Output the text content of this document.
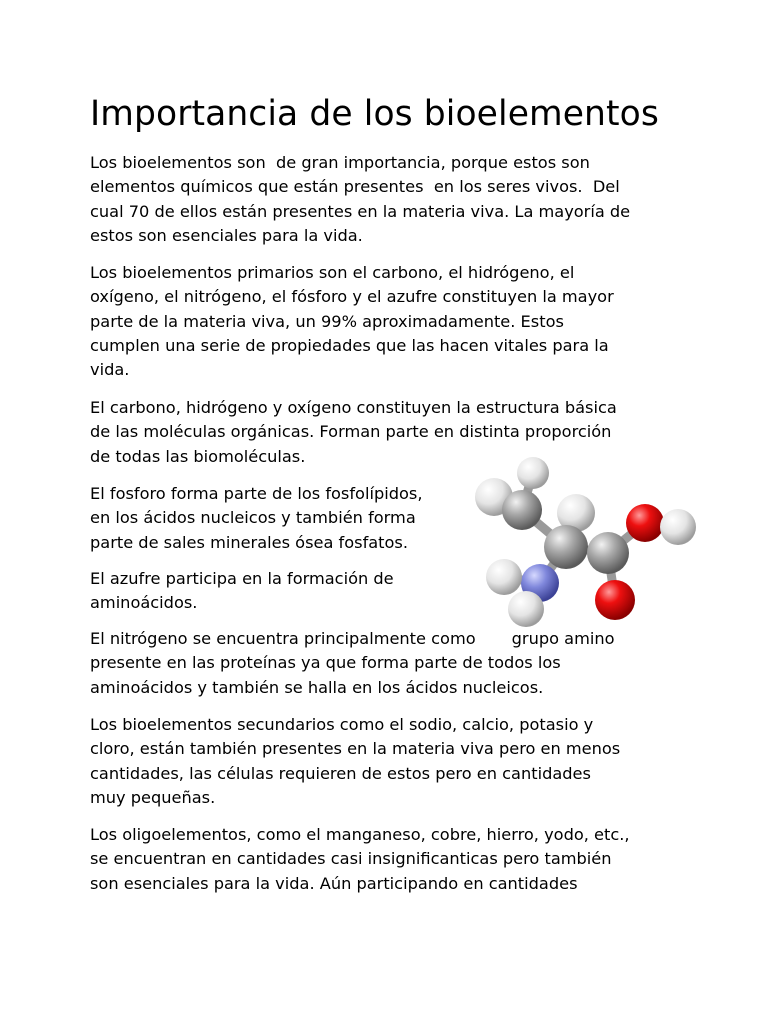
Importancia de los bioelementos

Los bioelementos son  de gran importancia, porque estos son
elementos químicos que están presentes  en los seres vivos.  Del
cual 70 de ellos están presentes en la materia viva. La mayoría de
estos son esenciales para la vida.

Los bioelementos primarios son el carbono, el hidrógeno, el
oxígeno, el nitrógeno, el fósforo y el azufre constituyen la mayor
parte de la materia viva, un 99% aproximadamente. Estos
cumplen una serie de propiedades que las hacen vitales para la
vida.

El carbono, hidrógeno y oxígeno constituyen la estructura básica
de las moléculas orgánicas. Forman parte en distinta proporción
de todas las biomoléculas.

El fosforo forma parte de los fosfolípidos,
en los ácidos nucleicos y también forma
parte de sales minerales ósea fosfatos.

El azufre participa en la formación de
aminoácidos.

El nitrógeno se encuentra principalmente como       grupo amino
presente en las proteínas ya que forma parte de todos los
aminoácidos y también se halla en los ácidos nucleicos.

Los bioelementos secundarios como el sodio, calcio, potasio y
cloro, están también presentes en la materia viva pero en menos
cantidades, las células requieren de estos pero en cantidades
muy pequeñas.

Los oligoelementos, como el manganeso, cobre, hierro, yodo, etc.,
se encuentran en cantidades casi insignificanticas pero también
son esenciales para la vida. Aún participando en cantidades
